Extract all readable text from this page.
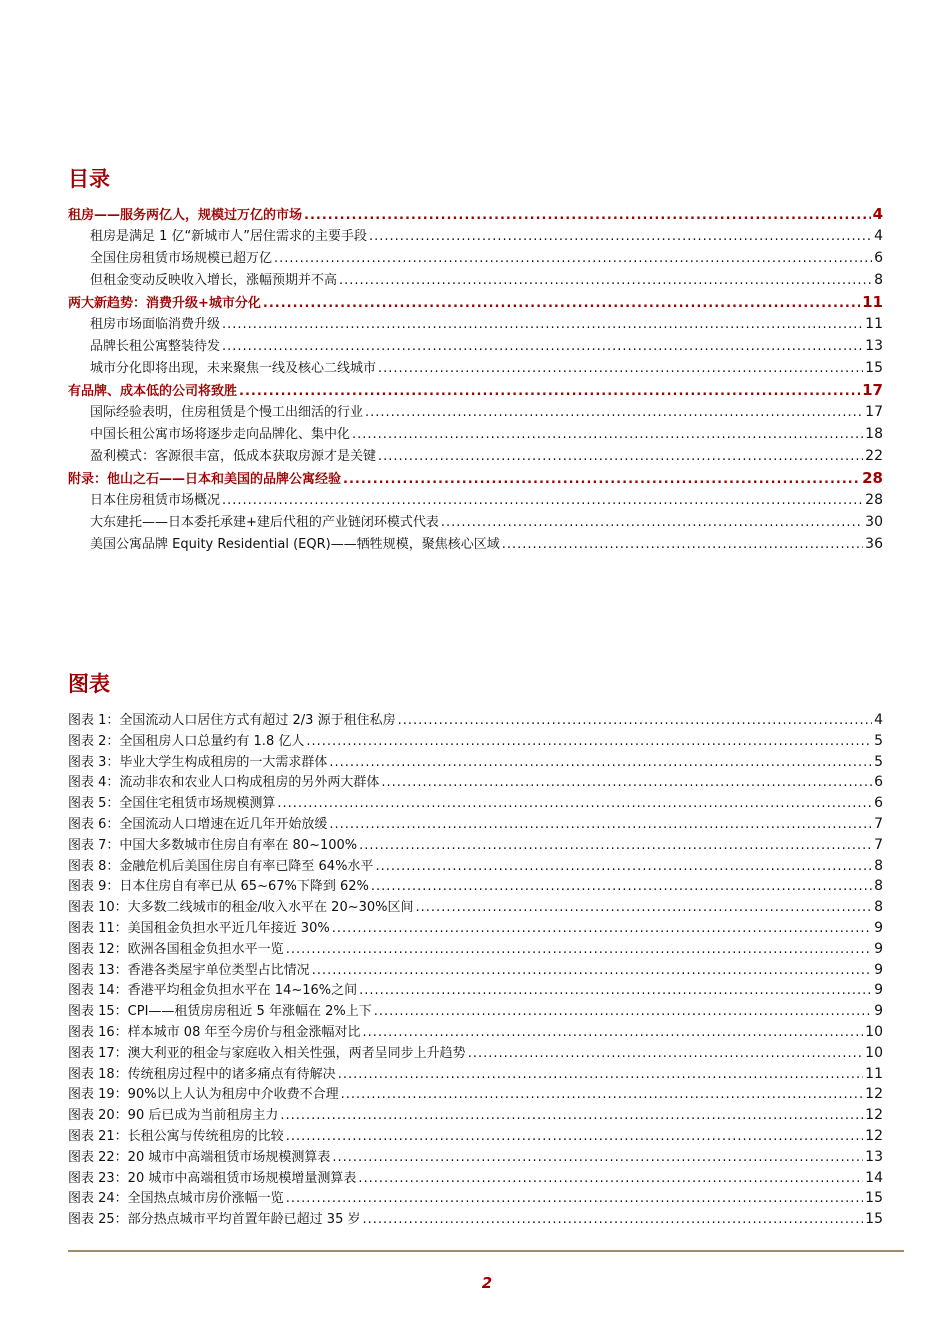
目录
租房——服务两亿人，规模过万亿的市场 .....	4
租房是满足 1 亿“新城市人”居住需求的主要手段 .....	4
全国住房租赁市场规模已超万亿 .....	6
但租金变动反映收入增长，涨幅预期并不高 .....	8
两大新趋势：消费升级+城市分化 .....	11
租房市场面临消费升级 .....	11
品牌长租公寓整装待发 .....	13
城市分化即将出现，未来聚焦一线及核心二线城市 .....	15
有品牌、成本低的公司将致胜 .....	17
国际经验表明，住房租赁是个慢工出细活的行业 .....	17
中国长租公寓市场将逐步走向品牌化、集中化 .....	18
盈利模式：客源很丰富，低成本获取房源才是关键 .....	22
附录：他山之石——日本和美国的品牌公寓经验 .....	28
日本住房租赁市场概况 .....	28
大东建托——日本委托承建+建后代租的产业链闭环模式代表 .....	30
美国公寓品牌 Equity Residential (EQR)——牺牲规模，聚焦核心区域 .....	36
图表
图表 1：全国流动人口居住方式有超过 2/3 源于租住私房 .....	4
图表 2：全国租房人口总量约有 1.8 亿人 .....	5
图表 3：毕业大学生构成租房的一大需求群体 .....	5
图表 4：流动非农和农业人口构成租房的另外两大群体 .....	6
图表 5：全国住宅租赁市场规模测算 .....	6
图表 6：全国流动人口增速在近几年开始放缓 .....	7
图表 7：中国大多数城市住房自有率在 80~100% .....	7
图表 8：金融危机后美国住房自有率已降至 64%水平 .....	8
图表 9：日本住房自有率已从 65~67%下降到 62% .....	8
图表 10：大多数二线城市的租金/收入水平在 20~30%区间 .....	8
图表 11：美国租金负担水平近几年接近 30% .....	9
图表 12：欧洲各国租金负担水平一览 .....	9
图表 13：香港各类屋宇单位类型占比情况 .....	9
图表 14：香港平均租金负担水平在 14~16%之间 .....	9
图表 15：CPI——租赁房房租近 5 年涨幅在 2%上下 .....	9
图表 16：样本城市 08 年至今房价与租金涨幅对比 .....	10
图表 17：澳大利亚的租金与家庭收入相关性强，两者呈同步上升趋势 .....	10
图表 18：传统租房过程中的诸多痛点有待解决 .....	11
图表 19：90%以上人认为租房中介收费不合理 .....	12
图表 20：90 后已成为当前租房主力 .....	12
图表 21：长租公寓与传统租房的比较 .....	12
图表 22：20 城市中高端租赁市场规模测算表 .....	13
图表 23：20 城市中高端租赁市场规模增量测算表 .....	14
图表 24：全国热点城市房价涨幅一览 .....	15
图表 25：部分热点城市平均首置年龄已超过 35 岁 .....	15
2
